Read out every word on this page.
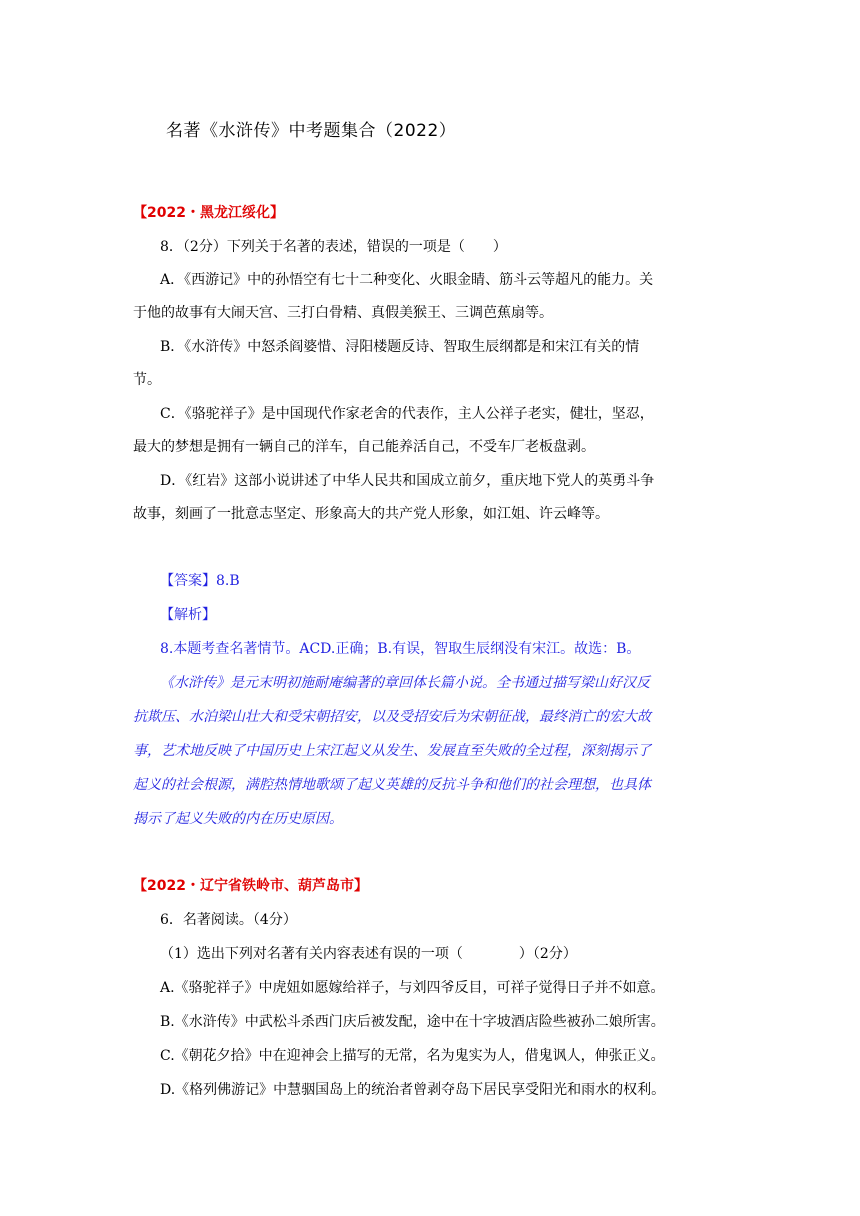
名著《水浒传》中考题集合（2022）
【2022・黑龙江绥化】
8．（2分）下列关于名著的表述，错误的一项是（　　）
A．《西游记》中的孙悟空有七十二种变化、火眼金睛、筋斗云等超凡的能力。关
于他的故事有大闹天宫、三打白骨精、真假美猴王、三调芭蕉扇等。
B．《水浒传》中怒杀阎婆惜、浔阳楼题反诗、智取生辰纲都是和宋江有关的情
节。
C．《骆驼祥子》是中国现代作家老舍的代表作，主人公祥子老实，健壮，坚忍，
最大的梦想是拥有一辆自己的洋车，自己能养活自己，不受车厂老板盘剥。
D．《红岩》这部小说讲述了中华人民共和国成立前夕，重庆地下党人的英勇斗争
故事，刻画了一批意志坚定、形象高大的共产党人形象，如江姐、许云峰等。
【答案】8.B
【解析】
8.本题考查名著情节。ACD.正确；B.有误，智取生辰纲没有宋江。故选：B。
《水浒传》是元末明初施耐庵编著的章回体长篇小说。全书通过描写梁山好汉反
抗欺压、水泊梁山壮大和受宋朝招安，以及受招安后为宋朝征战，最终消亡的宏大故
事，艺术地反映了中国历史上宋江起义从发生、发展直至失败的全过程，深刻揭示了
起义的社会根源，满腔热情地歌颂了起义英雄的反抗斗争和他们的社会理想，也具体
揭示了起义失败的内在历史原因。
【2022・辽宁省铁岭市、葫芦岛市】
6．名著阅读。（4分）
（1）选出下列对名著有关内容表述有误的一项（　　　　）（2分）
A.《骆驼祥子》中虎妞如愿嫁给祥子，与刘四爷反目，可祥子觉得日子并不如意。
B.《水浒传》中武松斗杀西门庆后被发配，途中在十字坡酒店险些被孙二娘所害。
C.《朝花夕拾》中在迎神会上描写的无常，名为鬼实为人，借鬼讽人，伸张正义。
D.《格列佛游记》中慧骃国岛上的统治者曾剥夺岛下居民享受阳光和雨水的权利。
